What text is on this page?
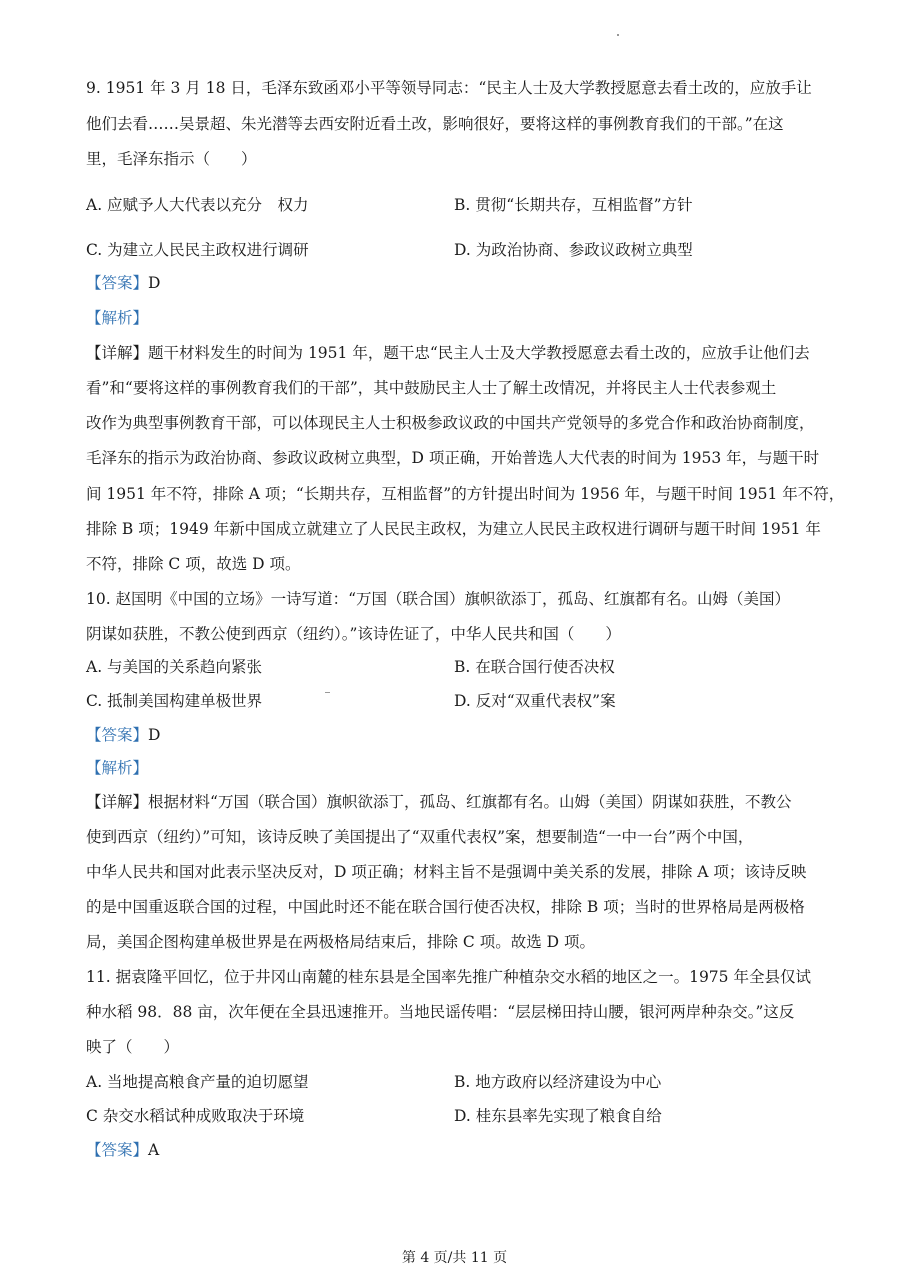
9. 1951 年 3 月 18 日，毛泽东致函邓小平等领导同志：“民主人士及大学教授愿意去看土改的，应放手让
他们去看……吴景超、朱光潜等去西安附近看土改，影响很好，要将这样的事例教育我们的干部。”在这
里，毛泽东指示（　　）
A. 应赋予人大代表以充分　权力	B. 贯彻“长期共存，互相监督”方针
C. 为建立人民民主政权进行调研	D. 为政治协商、参政议政树立典型
【答案】D
【解析】
【详解】题干材料发生的时间为 1951 年，题干忠“民主人士及大学教授愿意去看土改的，应放手让他们去
看”和“要将这样的事例教育我们的干部”，其中鼓励民主人士了解土改情况，并将民主人士代表参观土
改作为典型事例教育干部，可以体现民主人士积极参政议政的中国共产党领导的多党合作和政治协商制度，
毛泽东的指示为政治协商、参政议政树立典型，D 项正确，开始普选人大代表的时间为 1953 年，与题干时
间 1951 年不符，排除 A 项；“长期共存，互相监督”的方针提出时间为 1956 年，与题干时间 1951 年不符，
排除 B 项；1949 年新中国成立就建立了人民民主政权，为建立人民民主政权进行调研与题干时间 1951 年
不符，排除 C 项，故选 D 项。
10. 赵国明《中国的立场》一诗写道：“万国（联合国）旗帜欲添丁，孤岛、红旗都有名。山姆（美国）
阴谋如获胜，不教公使到西京（纽约）。”该诗佐证了，中华人民共和国（　　）
A. 与美国的关系趋向紧张	B. 在联合国行使否决权
C. 抵制美国构建单极世界	D. 反对“双重代表权”案
【答案】D
【解析】
【详解】根据材料“万国（联合国）旗帜欲添丁，孤岛、红旗都有名。山姆（美国）阴谋如获胜，不教公
使到西京（纽约）”可知，该诗反映了美国提出了“双重代表权”案，想要制造“一中一台”两个中国，
中华人民共和国对此表示坚决反对，D 项正确；材料主旨不是强调中美关系的发展，排除 A 项；该诗反映
的是中国重返联合国的过程，中国此时还不能在联合国行使否决权，排除 B 项；当时的世界格局是两极格
局，美国企图构建单极世界是在两极格局结束后，排除 C 项。故选 D 项。
11. 据袁隆平回忆，位于井冈山南麓的桂东县是全国率先推广种植杂交水稻的地区之一。1975 年全县仅试
种水稻 98．88 亩，次年便在全县迅速推开。当地民谣传唱：“层层梯田持山腰，银河两岸种杂交。”这反
映了（　　）
A. 当地提高粮食产量的迫切愿望	B. 地方政府以经济建设为中心
C 杂交水稻试种成败取决于环境	D. 桂东县率先实现了粮食自给
【答案】A
第 4 页/共 11 页
